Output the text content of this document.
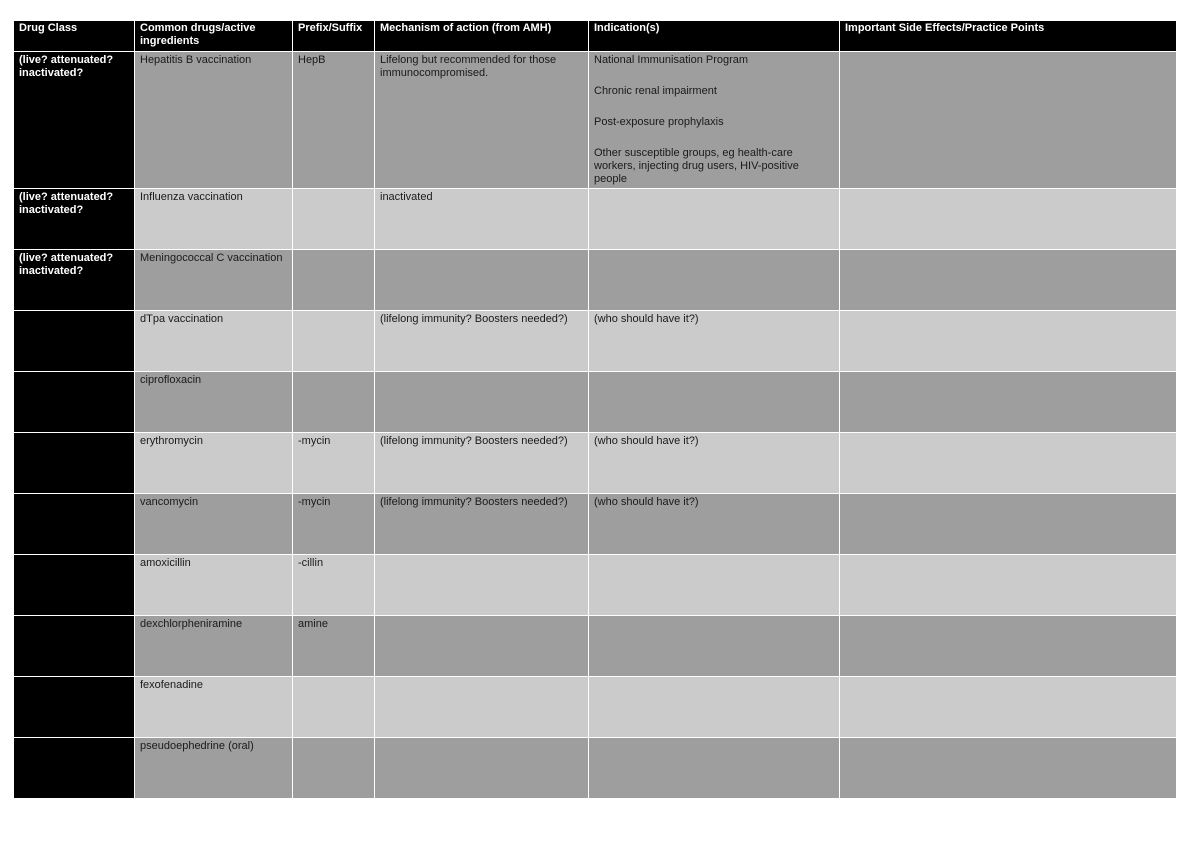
Drug Class	Common drugs/active ingredients	Prefix/Suffix	Mechanism of action (from AMH)	Indication(s)	Important Side Effects/Practice Points
(live? attenuated? inactivated?	Hepatitis B vaccination	HepB	Lifelong but recommended for those immunocompromised.	National Immunisation Program
Chronic renal impairment
Post-exposure prophylaxis
Other susceptible groups, eg health-care workers, injecting drug users, HIV-positive people	

(live? attenuated? inactivated?	Influenza vaccination		inactivated		
(live? attenuated? inactivated?	Meningococcal C vaccination				
	dTpa vaccination		(lifelong immunity? Boosters needed?)	(who should have it?)	

	ciprofloxacin				
	erythromycin	-mycin	(lifelong immunity? Boosters needed?)	(who should have it?)	

	vancomycin	-mycin	(lifelong immunity? Boosters needed?)	(who should have it?)	

	amoxicillin	-cillin			
	dexchlorpheniramine	amine			
	fexofenadine				
	pseudoephedrine (oral)				
